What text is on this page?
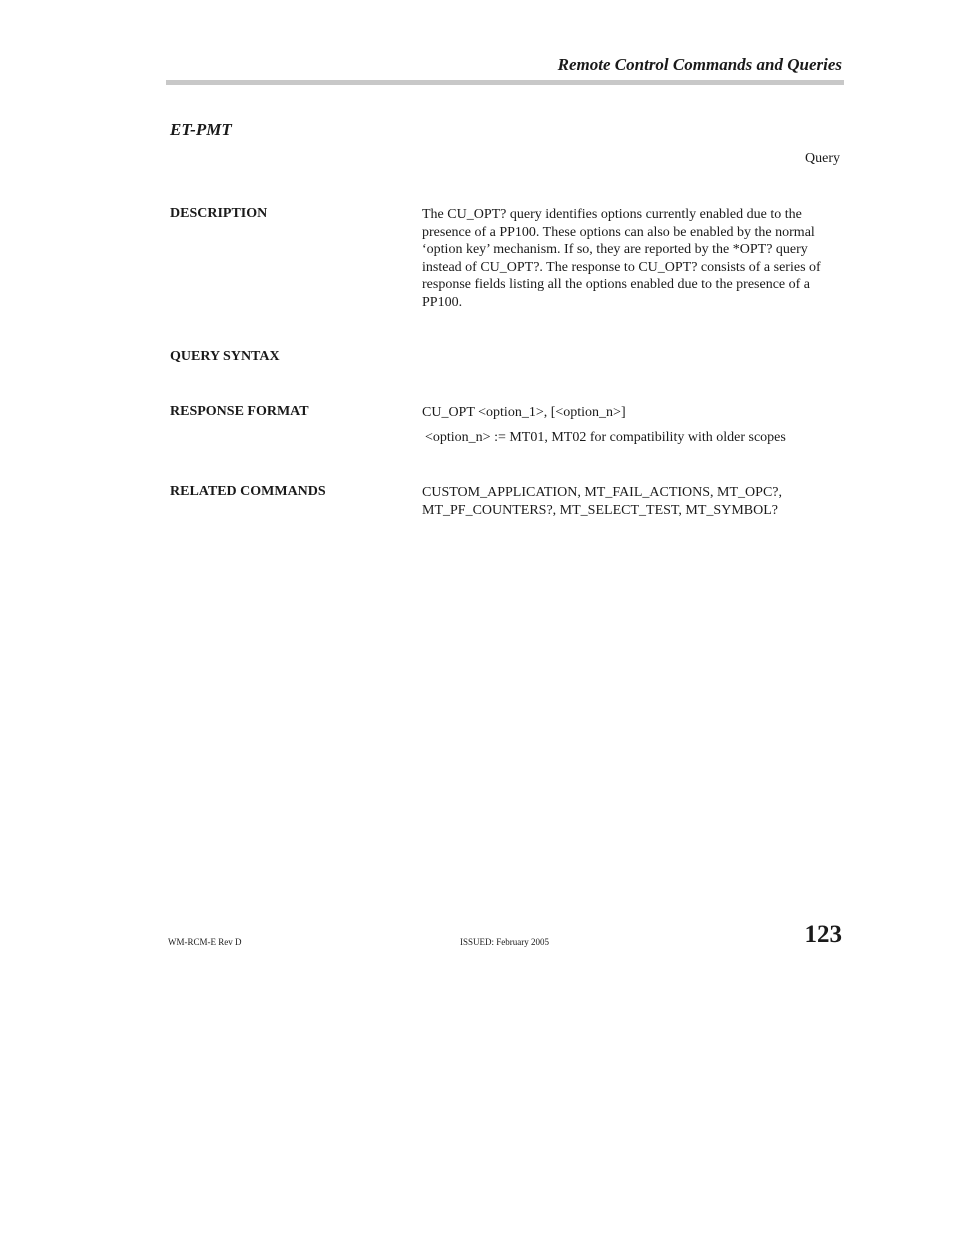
Remote Control Commands and Queries
ET-PMT
Query
DESCRIPTION	The CU_OPT? query identifies options currently enabled due to the presence of a PP100. These options can also be enabled by the normal ‘option key’ mechanism. If so, they are reported by the *OPT? query instead of CU_OPT?. The response to CU_OPT? consists of a series of response fields listing all the options enabled due to the presence of a PP100.
QUERY SYNTAX
RESPONSE FORMAT	CU_OPT <option_1>, [<option_n>]
<option_n> := MT01, MT02 for compatibility with older scopes
RELATED COMMANDS	CUSTOM_APPLICATION, MT_FAIL_ACTIONS, MT_OPC?, MT_PF_COUNTERS?, MT_SELECT_TEST, MT_SYMBOL?
WM-RCM-E Rev D	ISSUED: February 2005	123
